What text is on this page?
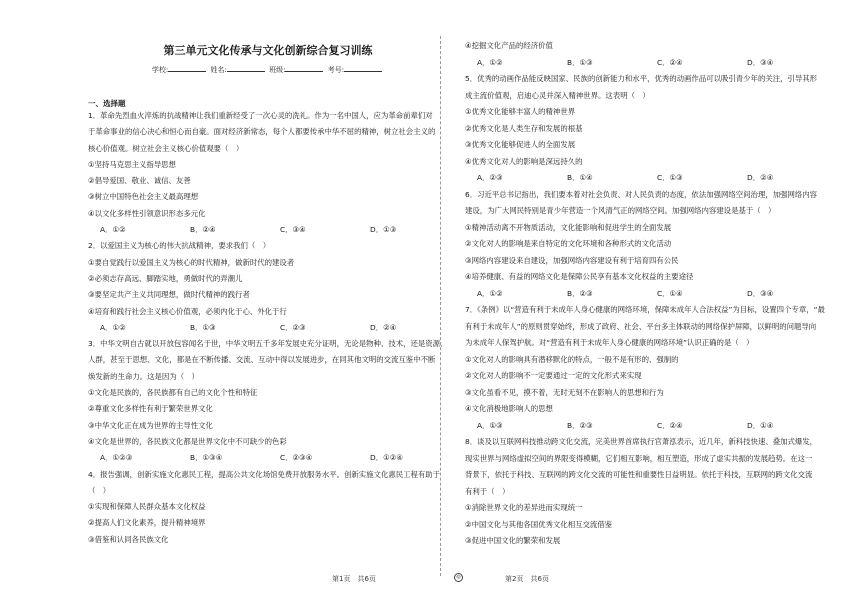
第三单元文化传承与文化创新综合复习训练
学校:	姓名:	班级:	考号:
一、选择题

1．革命先烈血火淬炼的抗战精神让我们重新经受了一次心灵的洗礼。作为一名中国人，应为革命前辈们对

于革命事业的信心决心和恒心而自豪。面对经济新常态，每个人都要传承中华不屈的精神，树立社会主义的

核心价值观。树立社会主义核心价值观要（　）

①坚持马克思主义指导思想

②倡导爱国、敬业、诚信、友善

③树立中国特色社会主义最高理想

④以文化多样性引领意识形态多元化

A．①②	B．②④	C．③④	D．①③

2．以爱国主义为核心的伟大抗战精神，要求我们（　）

①要自觉践行以爱国主义为核心的时代精神，做新时代的建设者

②必须志存高远、脚踏实地，勇做时代的弄潮儿

③要坚定共产主义共同理想，做时代精神的践行者

④培育和践行社会主义核心价值观，必须内化于心、外化于行

A．①②	B．①③	C．②③	D．②④

3．中华文明自古就以开放包容闻名于世，中华文明五千多年发展史充分证明，无论是物种、技术，还是资源、

人群，甚至于思想、文化，都是在不断传播、交流、互动中得以发展进步，在同其他文明的交流互鉴中不断

焕发新的生命力。这是因为（　）

①文化是民族的，各民族都有自己的文化个性和特征

②尊重文化多样性有利于繁荣世界文化

③中华文化正在成为世界的主导性文化

④文化是世界的，各民族文化都是世界文化中不可缺少的色彩

A．①②③	B．①③④	C．②③④	D．①②④

4．报告强调，创新实施文化惠民工程，提高公共文化场馆免费开放服务水平。创新实施文化惠民工程有助于

（　）

①实现和保障人民群众基本文化权益

②提高人们文化素养，提升精神境界

③借鉴和认同各民族文化

④挖掘文化产品的经济价值

A．①②	B．①③	C．②④	D．③④

5．优秀的动画作品能反映国家、民族的创新能力和水平，优秀的动画作品可以吸引青少年的关注，引导其形

成主流价值观，启迪心灵并深入精神世界。这表明（　）

①优秀文化能够丰富人的精神世界

②优秀文化是人类生存和发展的根基

③优秀文化能够促进人的全面发展

④优秀文化对人的影响是深远持久的

A．②③	B．①④	C．①③	D．②④

6．习近平总书记指出，我们要本着对社会负责、对人民负责的态度，依法加强网络空间治理，加强网络内容

建设，为广大网民特别是青少年营造一个风清气正的网络空间。加强网络内容建设是基于（　）

①精神活动离不开物质活动，文化能影响和促进学生的全面发展

②文化对人的影响是来自特定的文化环境和各种形式的文化活动

③网络内容建设来自建设，加强网络内容建设有利于培育四有公民

④培养健康、有益的网络文化是保障公民享有基本文化权益的主要途径

A．①②	B．②③	C．①④	D．③④

7．《条例》以“营造有利于未成年人身心健康的网络环境，保障未成年人合法权益”为目标，设置四个专章，“最

有利于未成年人”的原则贯穿始终，形成了政府、社会、平台多主体联动的网络保护屏障，以鲜明的问题导向

为未成年人保驾护航。对“营造有利于未成年人身心健康的网络环境”认识正确的是（　）

①文化对人的影响具有潜移默化的特点，一般不是有形的、强制的

②文化对人的影响不一定要通过一定的文化形式来实现

③文化虽看不见，摸不着，无时无刻不在影响人的思想和行为

④文化消极地影响人的思想

A．①③	B．②③	C．②④	D．①④

8．谈及以互联网科技推动跨文化交流，完美世界首席执行官萧泓表示，近几年，新科技快速、叠加式爆发，

现实世界与网络虚拟空间的界限变得模糊，它们相互影响，相互塑造，形成了虚实共振的发展趋势。在这一

背景下，依托于科技、互联网的跨文化交流的可能性和重要性日益明显。依托于科技，互联网的跨文化交流

有利于（　）

①消除世界文化的差异进而实现统一

②中国文化与其他各国优秀文化相互交流借鉴

③促进中国文化的繁荣和发展

第1页　共6页	◎	第2页　共6页
